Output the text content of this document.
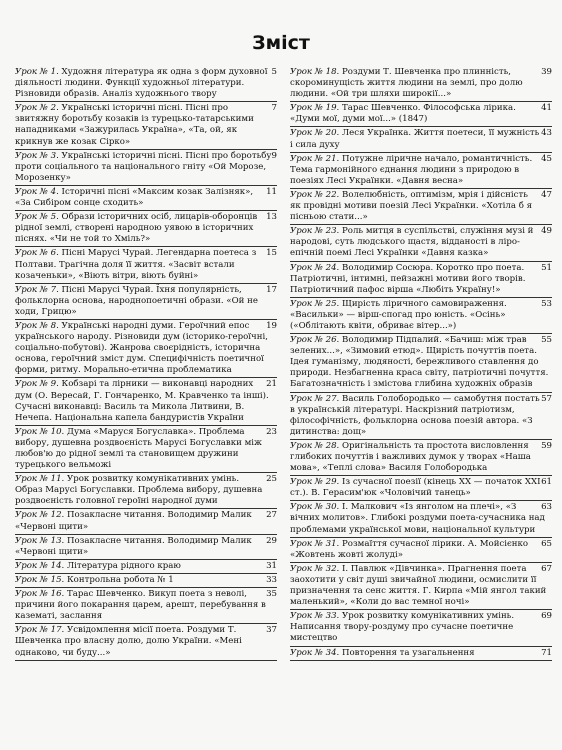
Зміст
5
Урок № 1. Художня література як одна з форм духовної діяльності людини. Функції художньої літератури. Різновиди образів. Аналіз художнього твору
7
Урок № 2. Українські історичні пісні. Пісні про звитяжну боротьбу козаків із турецько-татарськими нападниками «Зажурилась Україна», «Та, ой, як крикнув же козак Сірко»
9
Урок № 3. Українські історичні пісні. Пісні про боротьбу проти соціального та національного гніту «Ой Морозе, Морозенку»
11
Урок № 4. Історичні пісні «Максим козак Залізняк», «За Сибіром сонце сходить»
13
Урок № 5. Образи історичних осіб, лицарів-оборонців рідної землі, створені народною уявою в історичних піснях. «Чи не той то Хміль?»
15
Урок № 6. Пісні Марусі Чурай. Легендарна поетеса з Полтави. Трагічна доля її життя. «Засвіт встали козаченьки», «Віють вітри, віють буйні»
17
Урок № 7. Пісні Марусі Чурай. Їхня популярність, фольклорна основа, народнопоетичні образи. «Ой не ходи, Грицю»
19
Урок № 8. Українські народні думи. Героїчний епос українського народу. Різновиди дум (історико-героїчні, соціально-побутові). Жанрова своєрідність, історична основа, героїчний зміст дум. Специфічність поетичної форми, ритму. Морально-етична проблематика
21
Урок № 9. Кобзарі та лірники — виконавці народних дум (О. Вересай, Г. Гончаренко, М. Кравченко та інші). Сучасні виконавці: Василь та Микола Литвини, В. Нечепа. Національна капела бандуристів України
23
Урок № 10. Дума «Маруся Богуславка». Проблема вибору, душевна роздвоєність Марусі Богуславки між любов'ю до рідної землі та становищем дружини турецького вельможі
25
Урок № 11. Урок розвитку комунікативних умінь. Образ Марусі Богуславки. Проблема вибору, душевна роздвоєність головної героїні народної думи
27
Урок № 12. Позакласне читання. Володимир Малик «Червоні щити»
29
Урок № 13. Позакласне читання. Володимир Малик «Червоні щити»
31
Урок № 14. Література рідного краю
33
Урок № 15. Контрольна робота № 1
35
Урок № 16. Тарас Шевченко. Викуп поета з неволі, причини його покарання царем, арешт, перебування в казематі, заслання
37
Урок № 17. Усвідомлення місії поета. Роздуми Т. Шевченка про власну долю, долю України. «Мені однаково, чи буду...»
39
Урок № 18. Роздуми Т. Шевченка про плинність, скороминущість життя людини на землі, про долю людини. «Ой три шляхи широкії...»
41
Урок № 19. Тарас Шевченко. Філософська лірика. «Думи мої, думи мої...» (1847)
43
Урок № 20. Леся Українка. Життя поетеси, її мужність і сила духу
45
Урок № 21. Потужне ліричне начало, романтичність. Тема гармонійного єднання людини з природою в поезіях Лесі Українки. «Давня весна»
47
Урок № 22. Волелюбність, оптимізм, мрія і дійсність як провідні мотиви поезій Лесі Українки. «Хотіла б я пісньою стати...»
49
Урок № 23. Роль митця в суспільстві, служіння музі й народові, суть людського щастя, відданості в ліро-епічній поемі Лесі Українки «Давня казка»
51
Урок № 24. Володимир Сосюра. Коротко про поета. Патріотичні, інтимні, пейзажні мотиви його творів. Патріотичний пафос вірша «Любіть Україну!»
53
Урок № 25. Щирість ліричного самовираження. «Васильки» — вірш-спогад про юність. «Осінь» («Облітають квіти, обриває вітер...»)
55
Урок № 26. Володимир Підпалий. «Бачиш: між трав зелених...», «Зимовий етюд». Щирість почуттів поета. Ідея гуманізму, людяності, бережливого ставлення до природи. Незбагненна краса світу, патріотичні почуття. Багатозначність і змістова глибина художніх образів
57
Урок № 27. Василь Голобородько — самобутня постать в українській літературі. Наскрізний патріотизм, філософічність, фольклорна основа поезій автора. «З дитинства: дощ»
59
Урок № 28. Оригінальність та простота висловлення глибоких почуттів і важливих думок у творах «Наша мова», «Теплі слова» Василя Голобородька
61
Урок № 29. Із сучасної поезії (кінець XX — початок XXI ст.). В. Герасим'юк «Чоловічий танець»
63
Урок № 30. І. Малкович «Із янголом на плечі», «З вічних молитов». Глибокі роздуми поета-сучасника над проблемами української мови, національної культури
65
Урок № 31. Розмаїття сучасної лірики. А. Мойсієнко «Жовтень жовті жолуді»
67
Урок № 32. І. Павлюк «Дівчинка». Прагнення поета заохотити у світ душі звичайної людини, осмислити її призначення та сенс життя. Г. Кирпа «Мій янгол такий маленький», «Коли до вас темної ночі»
69
Урок № 33. Урок розвитку комунікативних умінь. Написання твору-роздуму про сучасне поетичне мистецтво
71
Урок № 34. Повторення та узагальнення
